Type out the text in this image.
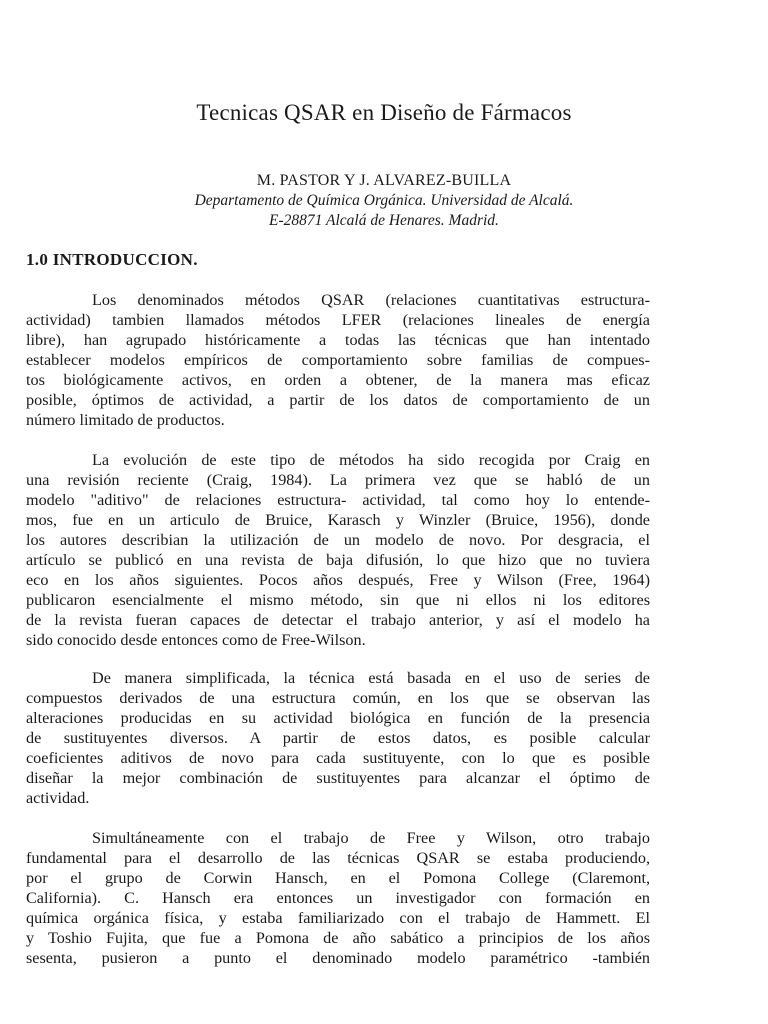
Tecnicas QSAR en Diseño de Fármacos
M. PASTOR Y J. ALVAREZ-BUILLA
Departamento de Química Orgánica. Universidad de Alcalá.
E-28871 Alcalá de Henares. Madrid.
1.0 INTRODUCCION.
Los denominados métodos QSAR (relaciones cuantitativas estructura-
actividad) tambien llamados métodos LFER (relaciones lineales de energía
libre), han agrupado históricamente a todas las técnicas que han intentado
establecer modelos empíricos de comportamiento sobre familias de compues-
tos biológicamente activos, en orden a obtener, de la manera mas eficaz
posible, óptimos de actividad, a partir de los datos de comportamiento de un
número limitado de productos.
La evolución de este tipo de métodos ha sido recogida por Craig en
una revisión reciente (Craig, 1984). La primera vez que se habló de un
modelo "aditivo" de relaciones estructura- actividad, tal como hoy lo entende-
mos, fue en un articulo de Bruice, Karasch y Winzler (Bruice, 1956), donde
los autores describian la utilización de un modelo de novo. Por desgracia, el
artículo se publicó en una revista de baja difusión, lo que hizo que no tuviera
eco en los años siguientes. Pocos años después, Free y Wilson (Free, 1964)
publicaron esencialmente el mismo método, sin que ni ellos ni los editores
de la revista fueran capaces de detectar el trabajo anterior, y así el modelo ha
sido conocido desde entonces como de Free-Wilson.
De manera simplificada, la técnica está basada en el uso de series de
compuestos derivados de una estructura común, en los que se observan las
alteraciones producidas en su actividad biológica en función de la presencia
de sustituyentes diversos. A partir de estos datos, es posible calcular
coeficientes aditivos de novo para cada sustituyente, con lo que es posible
diseñar la mejor combinación de sustituyentes para alcanzar el óptimo de
actividad.
Simultáneamente con el trabajo de Free y Wilson, otro trabajo
fundamental para el desarrollo de las técnicas QSAR se estaba produciendo,
por el grupo de Corwin Hansch, en el Pomona College (Claremont,
California). C. Hansch era entonces un investigador con formación en
química orgánica física, y estaba familiarizado con el trabajo de Hammett. El
y Toshio Fujita, que fue a Pomona de año sabático a principios de los años
sesenta, pusieron a punto el denominado modelo paramétrico -también
